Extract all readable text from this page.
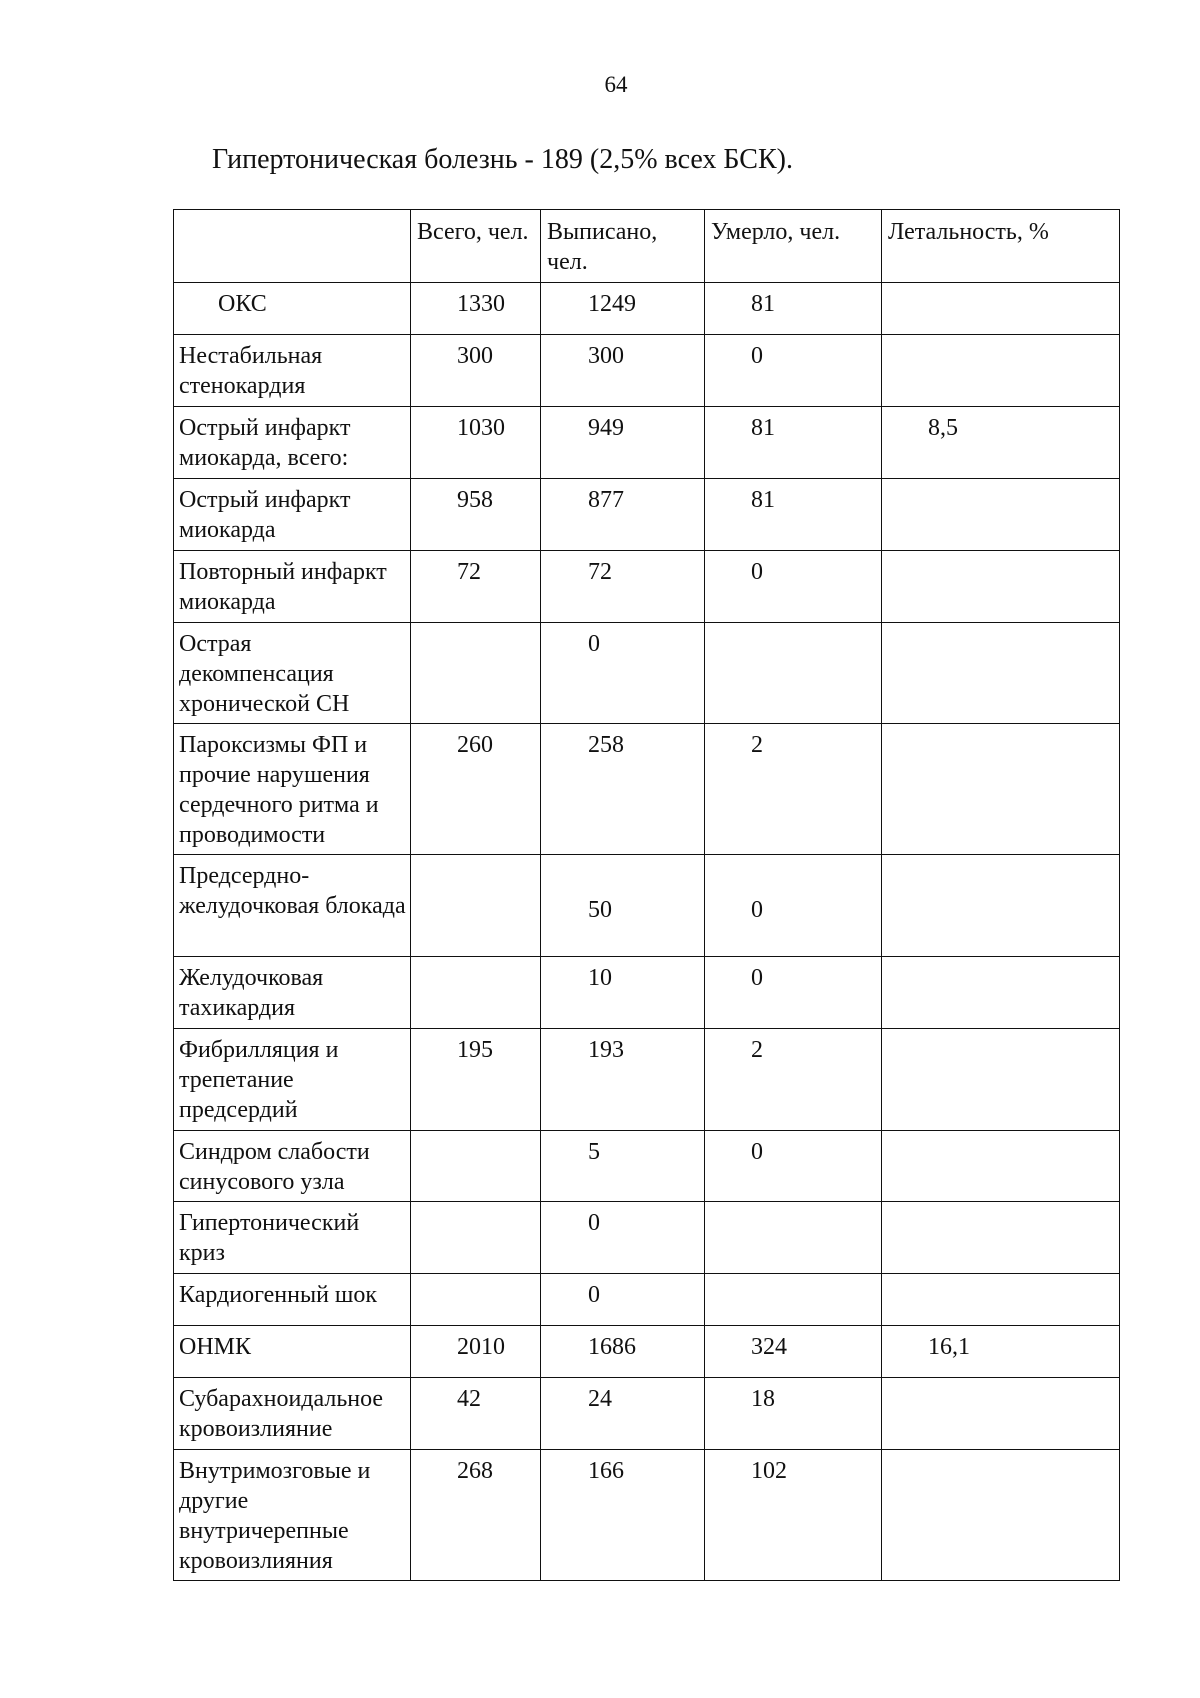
64
Гипертоническая болезнь - 189 (2,5% всех БСК).
	Всего, чел.	Выписано, чел.	Умерло, чел.	Летальность, %
ОКС	1330	1249	81	
Нестабильная стенокардия	300	300	0	
Острый инфаркт миокарда, всего:	1030	949	81	8,5
Острый инфаркт миокарда	958	877	81	
Повторный инфаркт миокарда	72	72	0	
Острая декомпенсация хронической СН		0		
Пароксизмы ФП и прочие нарушения сердечного ритма и проводимости	260	258	2	
Предсердно-желудочковая блокада		50	0	
Желудочковая тахикардия		10	0	
Фибрилляция и трепетание предсердий	195	193	2	
Синдром слабости синусового узла		5	0	
Гипертонический криз		0		
Кардиогенный шок		0		
ОНМК	2010	1686	324	16,1
Субарахноидальное кровоизлияние	42	24	18	
Внутримозговые и другие внутричерепные кровоизлияния	268	166	102	
